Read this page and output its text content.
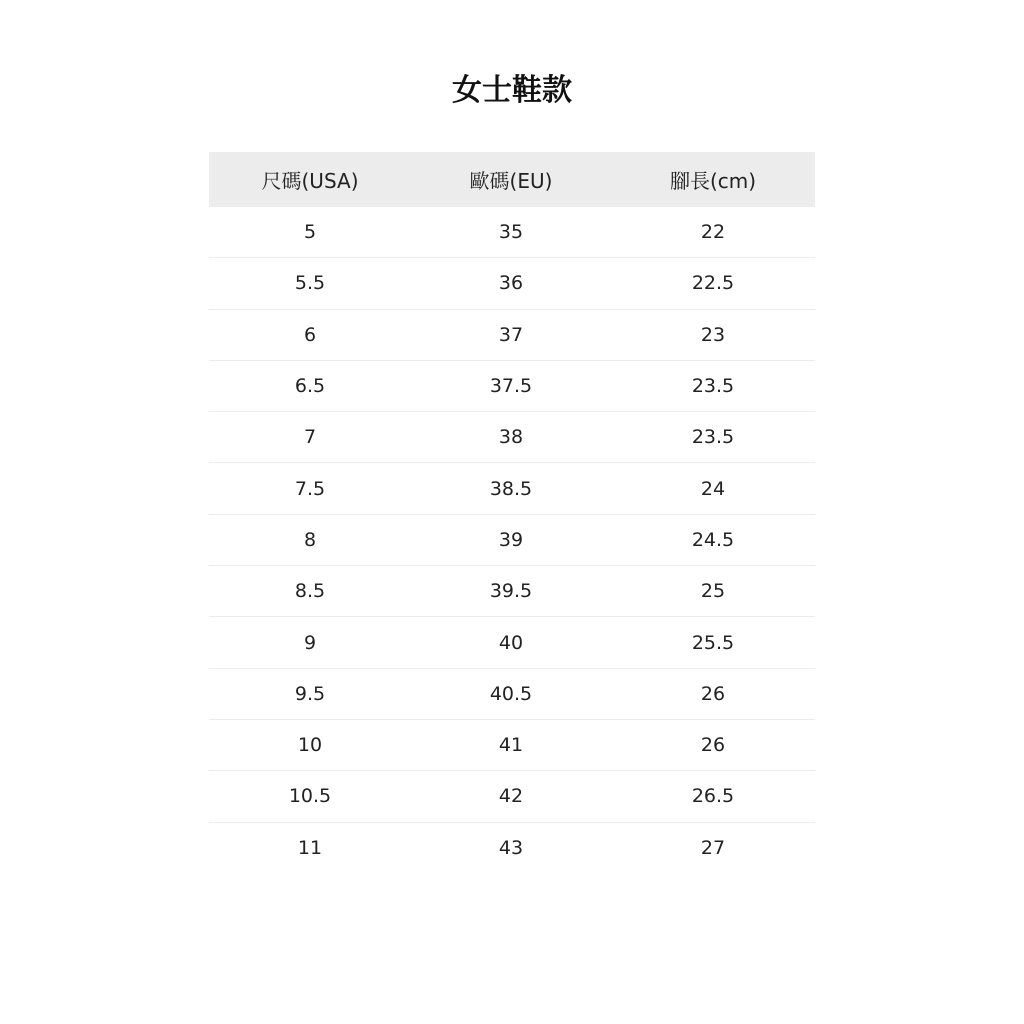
女士鞋款
尺碼(USA)	歐碼(EU)	腳長(cm)
5	35	22
5.5	36	22.5
6	37	23
6.5	37.5	23.5
7	38	23.5
7.5	38.5	24
8	39	24.5
8.5	39.5	25
9	40	25.5
9.5	40.5	26
10	41	26
10.5	42	26.5
11	43	27
